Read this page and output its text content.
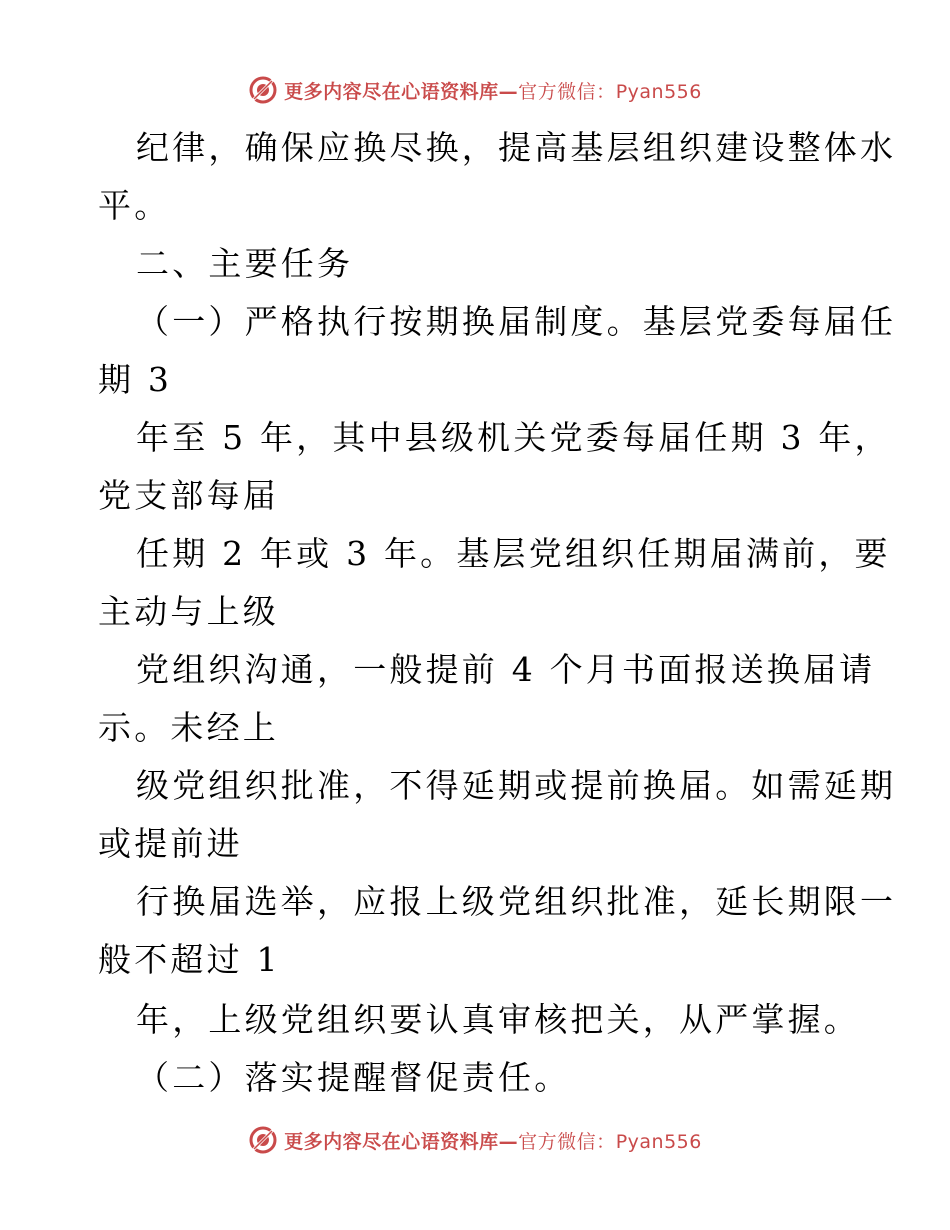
更多内容尽在心语资料库—官方微信：Pyan556
纪律，确保应换尽换，提高基层组织建设整体水
平。
二、主要任务
（一）严格执行按期换届制度。基层党委每届任
期 3
年至 5 年，其中县级机关党委每届任期 3 年，
党支部每届
任期 2 年或 3 年。基层党组织任期届满前，要
主动与上级
党组织沟通，一般提前 4 个月书面报送换届请
示。未经上
级党组织批准，不得延期或提前换届。如需延期
或提前进
行换届选举，应报上级党组织批准，延长期限一
般不超过 1
年，上级党组织要认真审核把关，从严掌握。
（二）落实提醒督促责任。
更多内容尽在心语资料库—官方微信：Pyan556
